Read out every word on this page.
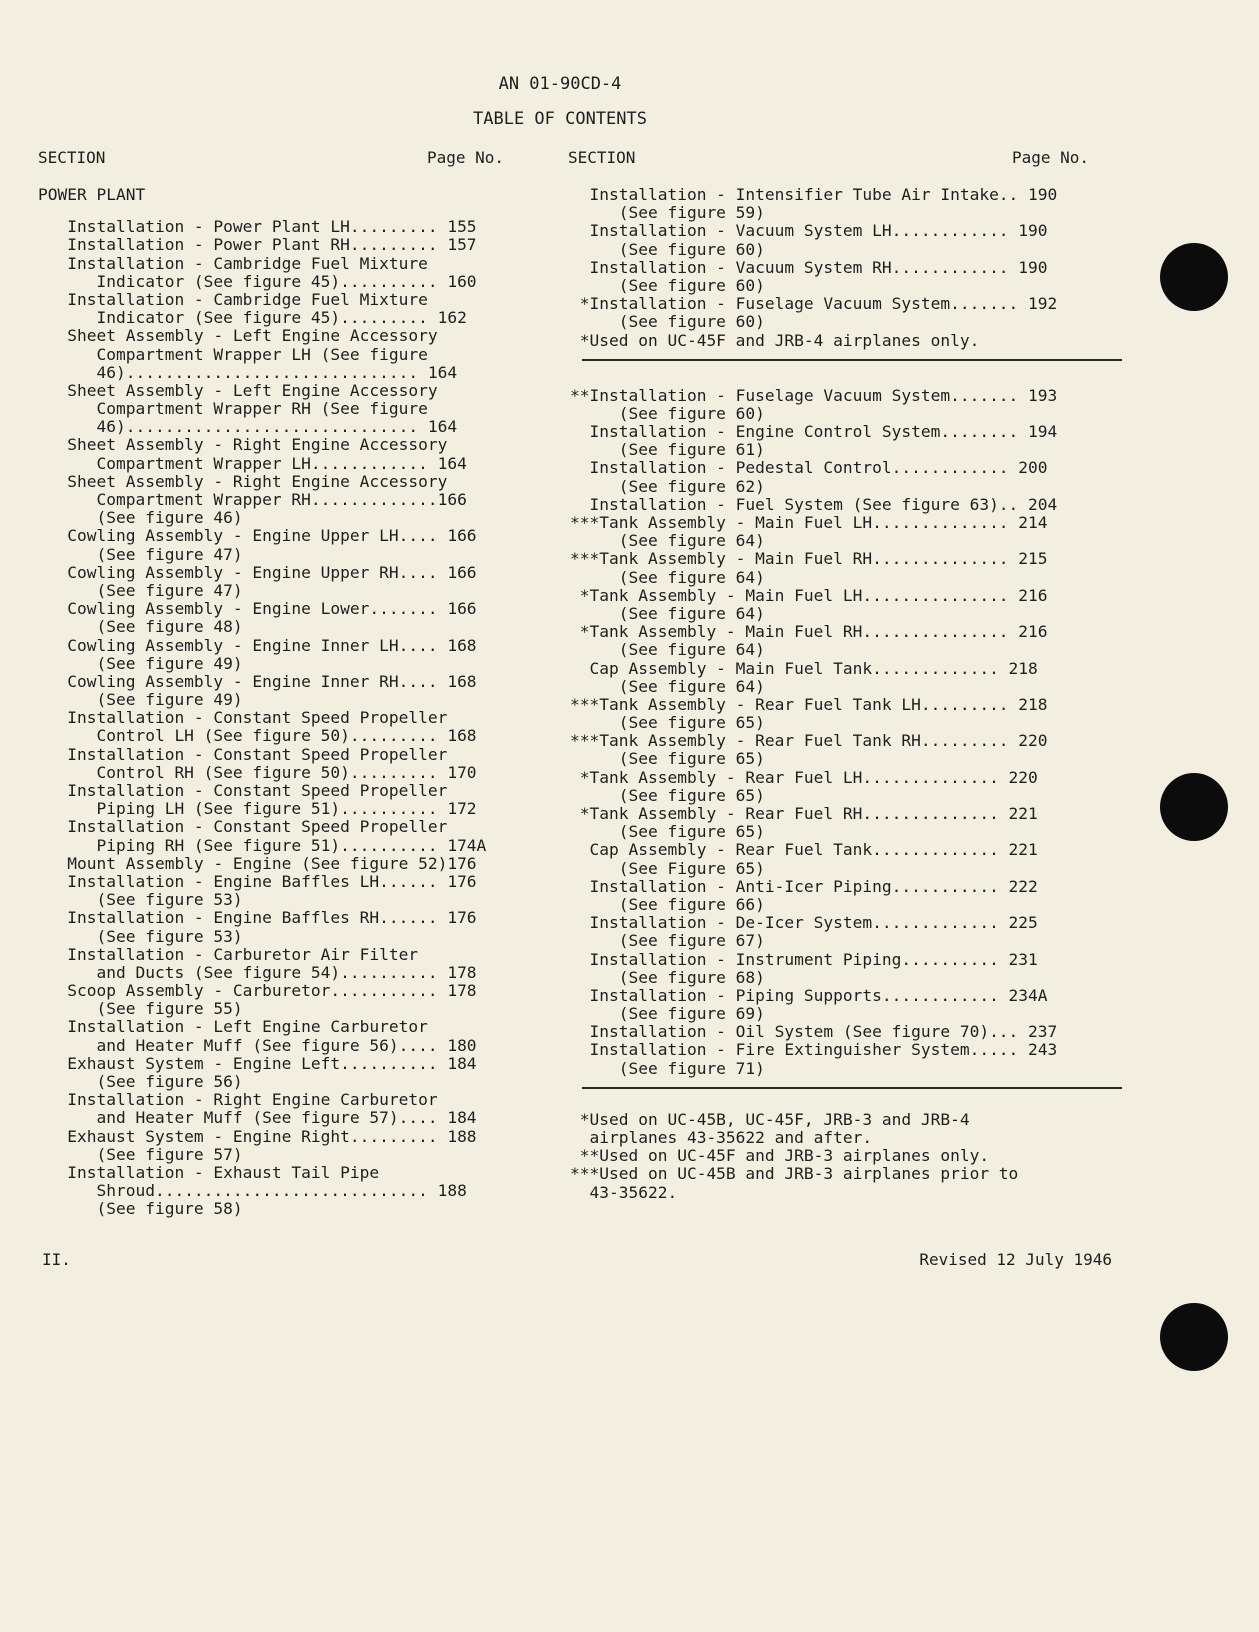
AN 01-90CD-4
TABLE OF CONTENTS
SECTION	Page No.	SECTION	Page No.
POWER PLANT
Installation - Power Plant LH......... 155
Installation - Power Plant RH......... 157
Installation - Cambridge Fuel Mixture
Indicator (See figure 45).......... 160
Installation - Cambridge Fuel Mixture
Indicator (See figure 45)......... 162
Sheet Assembly - Left Engine Accessory
Compartment Wrapper LH (See figure
46).............................. 164
Sheet Assembly - Left Engine Accessory
Compartment Wrapper RH (See figure
46).............................. 164
Sheet Assembly - Right Engine Accessory
Compartment Wrapper LH............ 164
Sheet Assembly - Right Engine Accessory
Compartment Wrapper RH.............166
(See figure 46)
Cowling Assembly - Engine Upper LH.... 166
(See figure 47)
Cowling Assembly - Engine Upper RH.... 166
(See figure 47)
Cowling Assembly - Engine Lower....... 166
(See figure 48)
Cowling Assembly - Engine Inner LH.... 168
(See figure 49)
Cowling Assembly - Engine Inner RH.... 168
(See figure 49)
Installation - Constant Speed Propeller
Control LH (See figure 50)......... 168
Installation - Constant Speed Propeller
Control RH (See figure 50)......... 170
Installation - Constant Speed Propeller
Piping LH (See figure 51).......... 172
Installation - Constant Speed Propeller
Piping RH (See figure 51).......... 174A
Mount Assembly - Engine (See figure 52)176
Installation - Engine Baffles LH...... 176
(See figure 53)
Installation - Engine Baffles RH...... 176
(See figure 53)
Installation - Carburetor Air Filter
and Ducts (See figure 54).......... 178
Scoop Assembly - Carburetor........... 178
(See figure 55)
Installation - Left Engine Carburetor
and Heater Muff (See figure 56).... 180
Exhaust System - Engine Left.......... 184
(See figure 56)
Installation - Right Engine Carburetor
and Heater Muff (See figure 57).... 184
Exhaust System - Engine Right......... 188
(See figure 57)
Installation - Exhaust Tail Pipe
Shroud............................ 188
(See figure 58)
Installation - Intensifier Tube Air Intake.. 190
(See figure 59)
Installation - Vacuum System LH............ 190
(See figure 60)
Installation - Vacuum System RH............ 190
(See figure 60)
*Installation - Fuselage Vacuum System....... 192
(See figure 60)
*Used on UC-45F and JRB-4 airplanes only.
**Installation - Fuselage Vacuum System....... 193
(See figure 60)
Installation - Engine Control System........ 194
(See figure 61)
Installation - Pedestal Control............ 200
(See figure 62)
Installation - Fuel System (See figure 63).. 204
***Tank Assembly - Main Fuel LH.............. 214
(See figure 64)
***Tank Assembly - Main Fuel RH.............. 215
(See figure 64)
*Tank Assembly - Main Fuel LH............... 216
(See figure 64)
*Tank Assembly - Main Fuel RH............... 216
(See figure 64)
Cap Assembly - Main Fuel Tank............. 218
(See figure 64)
***Tank Assembly - Rear Fuel Tank LH......... 218
(See figure 65)
***Tank Assembly - Rear Fuel Tank RH......... 220
(See figure 65)
*Tank Assembly - Rear Fuel LH.............. 220
(See figure 65)
*Tank Assembly - Rear Fuel RH.............. 221
(See figure 65)
Cap Assembly - Rear Fuel Tank............. 221
(See Figure 65)
Installation - Anti-Icer Piping........... 222
(See figure 66)
Installation - De-Icer System............. 225
(See figure 67)
Installation - Instrument Piping.......... 231
(See figure 68)
Installation - Piping Supports............ 234A
(See figure 69)
Installation - Oil System (See figure 70)... 237
Installation - Fire Extinguisher System..... 243
(See figure 71)
*Used on UC-45B, UC-45F, JRB-3 and JRB-4
airplanes 43-35622 and after.
**Used on UC-45F and JRB-3 airplanes only.
***Used on UC-45B and JRB-3 airplanes prior to
43-35622.
II.	Revised 12 July 1946
